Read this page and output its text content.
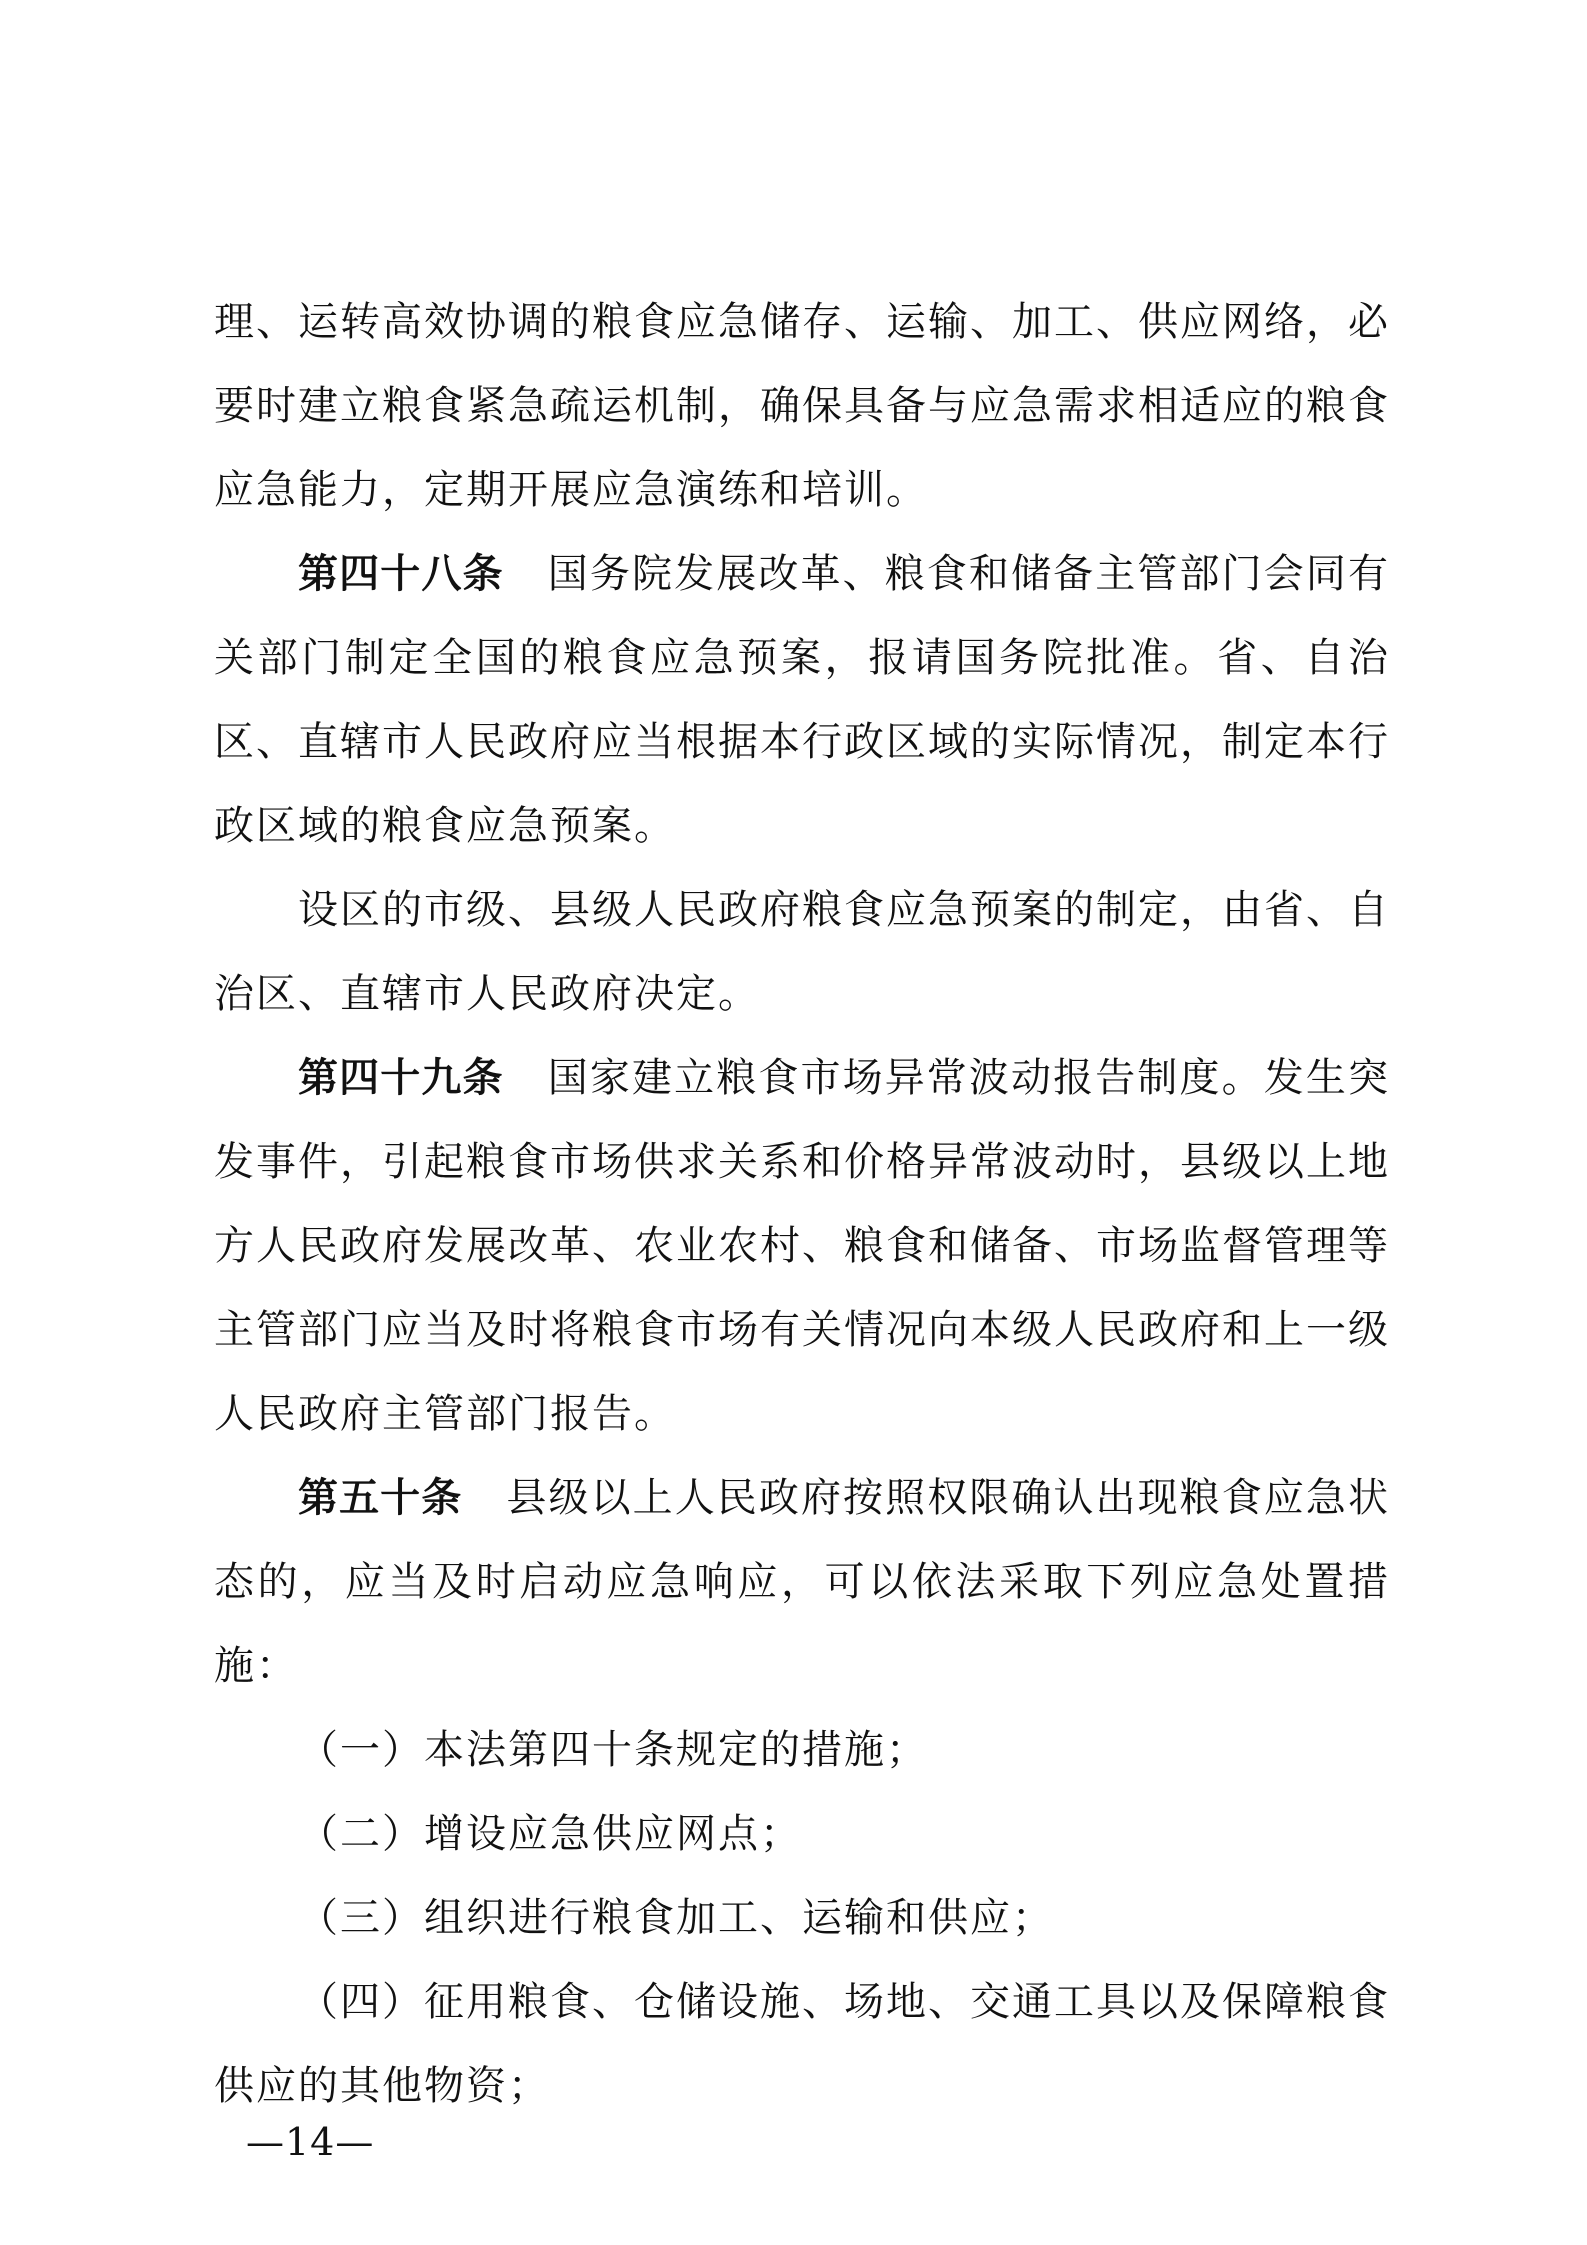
理、运转高效协调的粮食应急储存、运输、加工、供应网络，必要时建立粮食紧急疏运机制，确保具备与应急需求相适应的粮食应急能力，定期开展应急演练和培训。

第四十八条 国务院发展改革、粮食和储备主管部门会同有关部门制定全国的粮食应急预案，报请国务院批准。省、自治区、直辖市人民政府应当根据本行政区域的实际情况，制定本行政区域的粮食应急预案。

设区的市级、县级人民政府粮食应急预案的制定，由省、自治区、直辖市人民政府决定。

第四十九条 国家建立粮食市场异常波动报告制度。发生突发事件，引起粮食市场供求关系和价格异常波动时，县级以上地方人民政府发展改革、农业农村、粮食和储备、市场监督管理等主管部门应当及时将粮食市场有关情况向本级人民政府和上一级人民政府主管部门报告。

第五十条 县级以上人民政府按照权限确认出现粮食应急状态的，应当及时启动应急响应，可以依法采取下列应急处置措施：

（一）本法第四十条规定的措施；

（二）增设应急供应网点；

（三）组织进行粮食加工、运输和供应；

（四）征用粮食、仓储设施、场地、交通工具以及保障粮食供应的其他物资；

—14—
